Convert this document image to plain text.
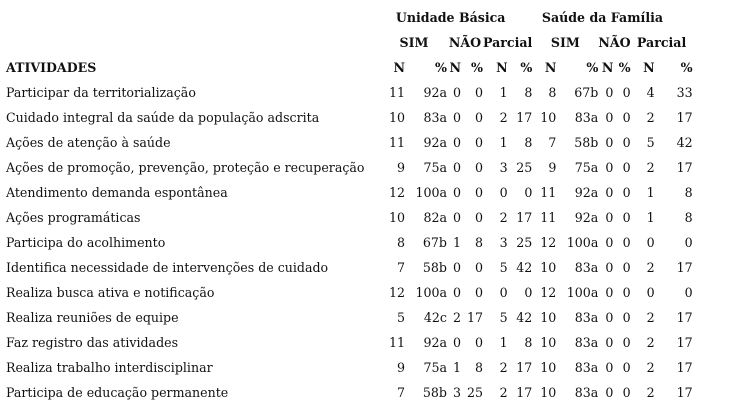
	Unidade Básica						Saúde da Família					
	SIM		NÃO		Parcial		SIM		NÃO		Parcial	
ATIVIDADES	N	%	N	%	N	%	N	%	N	%	N	%
Participar da territorialização	11	92a	0	0	1	8	8	67b	0	0	4	33
Cuidado integral da saúde da população adscrita	10	83a	0	0	2	17	10	83a	0	0	2	17
Ações de atenção à saúde	11	92a	0	0	1	8	7	58b	0	0	5	42
Ações de promoção, prevenção, proteção e recuperação	9	75a	0	0	3	25	9	75a	0	0	2	17
Atendimento demanda espontânea	12	100a	0	0	0	0	11	92a	0	0	1	8
Ações programáticas	10	82a	0	0	2	17	11	92a	0	0	1	8
Participa do acolhimento	8	67b	1	8	3	25	12	100a	0	0	0	0
Identifica necessidade de intervenções de cuidado	7	58b	0	0	5	42	10	83a	0	0	2	17
Realiza busca ativa e notificação	12	100a	0	0	0	0	12	100a	0	0	0	0
Realiza reuniões de equipe	5	42c	2	17	5	42	10	83a	0	0	2	17
Faz registro das atividades	11	92a	0	0	1	8	10	83a	0	0	2	17
Realiza trabalho interdisciplinar	9	75a	1	8	2	17	10	83a	0	0	2	17
Participa de educação permanente	7	58b	3	25	2	17	10	83a	0	0	2	17
